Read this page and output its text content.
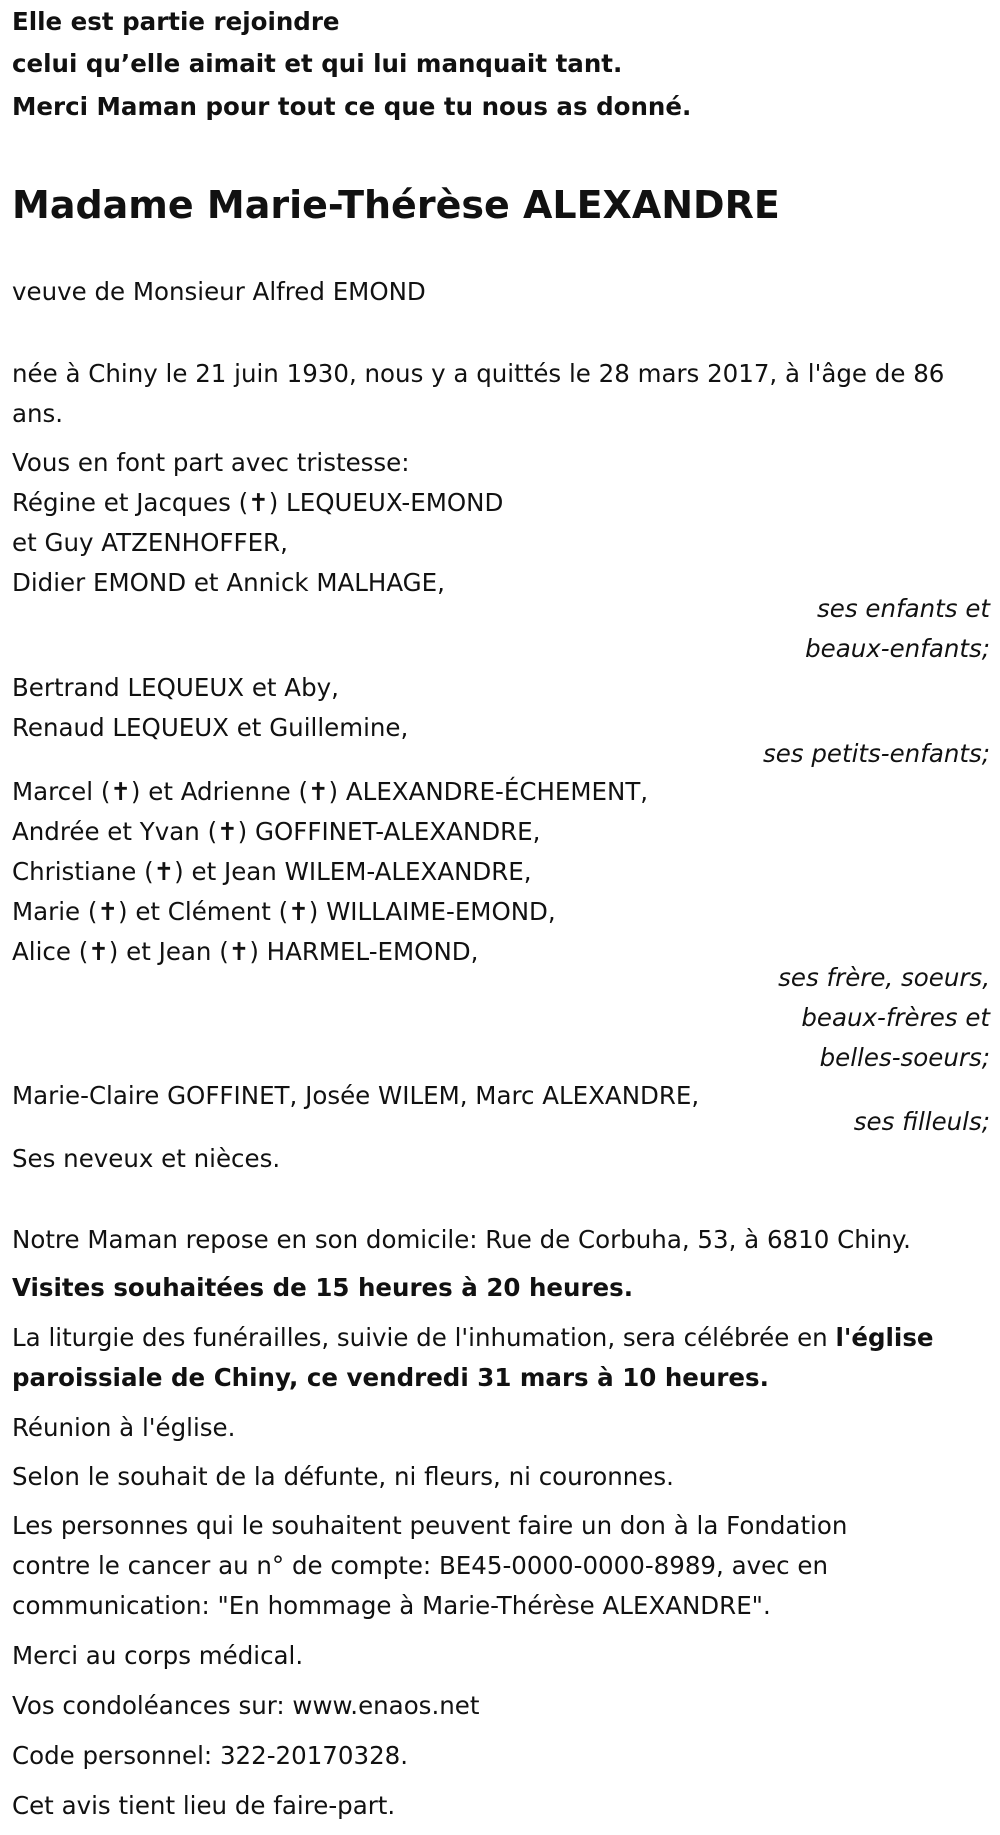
Elle est partie rejoindre
celui qu’elle aimait et qui lui manquait tant.
Merci Maman pour tout ce que tu nous as donné.
Madame Marie-Thérèse ALEXANDRE
veuve de Monsieur Alfred EMOND
née à Chiny le 21 juin 1930, nous y a quittés le 28 mars 2017, à l'âge de 86
ans.
Vous en font part avec tristesse:
Régine et Jacques (✝) LEQUEUX-EMOND
et Guy ATZENHOFFER,
Didier EMOND et Annick MALHAGE,
ses enfants et
beaux-enfants;
Bertrand LEQUEUX et Aby,
Renaud LEQUEUX et Guillemine,
ses petits-enfants;
Marcel (✝) et Adrienne (✝) ALEXANDRE-ÉCHEMENT,
Andrée et Yvan (✝) GOFFINET-ALEXANDRE,
Christiane (✝) et Jean WILEM-ALEXANDRE,
Marie (✝) et Clément (✝) WILLAIME-EMOND,
Alice (✝) et Jean (✝) HARMEL-EMOND,
ses frère, soeurs,
beaux-frères et
belles-soeurs;
Marie-Claire GOFFINET, Josée WILEM, Marc ALEXANDRE,
ses filleuls;
Ses neveux et nièces.
Notre Maman repose en son domicile: Rue de Corbuha, 53, à 6810 Chiny.
Visites souhaitées de 15 heures à 20 heures.
La liturgie des funérailles, suivie de l'inhumation, sera célébrée en l'église
paroissiale de Chiny, ce vendredi 31 mars à 10 heures.
Réunion à l'église.
Selon le souhait de la défunte, ni fleurs, ni couronnes.
Les personnes qui le souhaitent peuvent faire un don à la Fondation
contre le cancer au n° de compte: BE45-0000-0000-8989, avec en
communication: "En hommage à Marie-Thérèse ALEXANDRE".
Merci au corps médical.
Vos condoléances sur: www.enaos.net
Code personnel: 322-20170328.
Cet avis tient lieu de faire-part.
